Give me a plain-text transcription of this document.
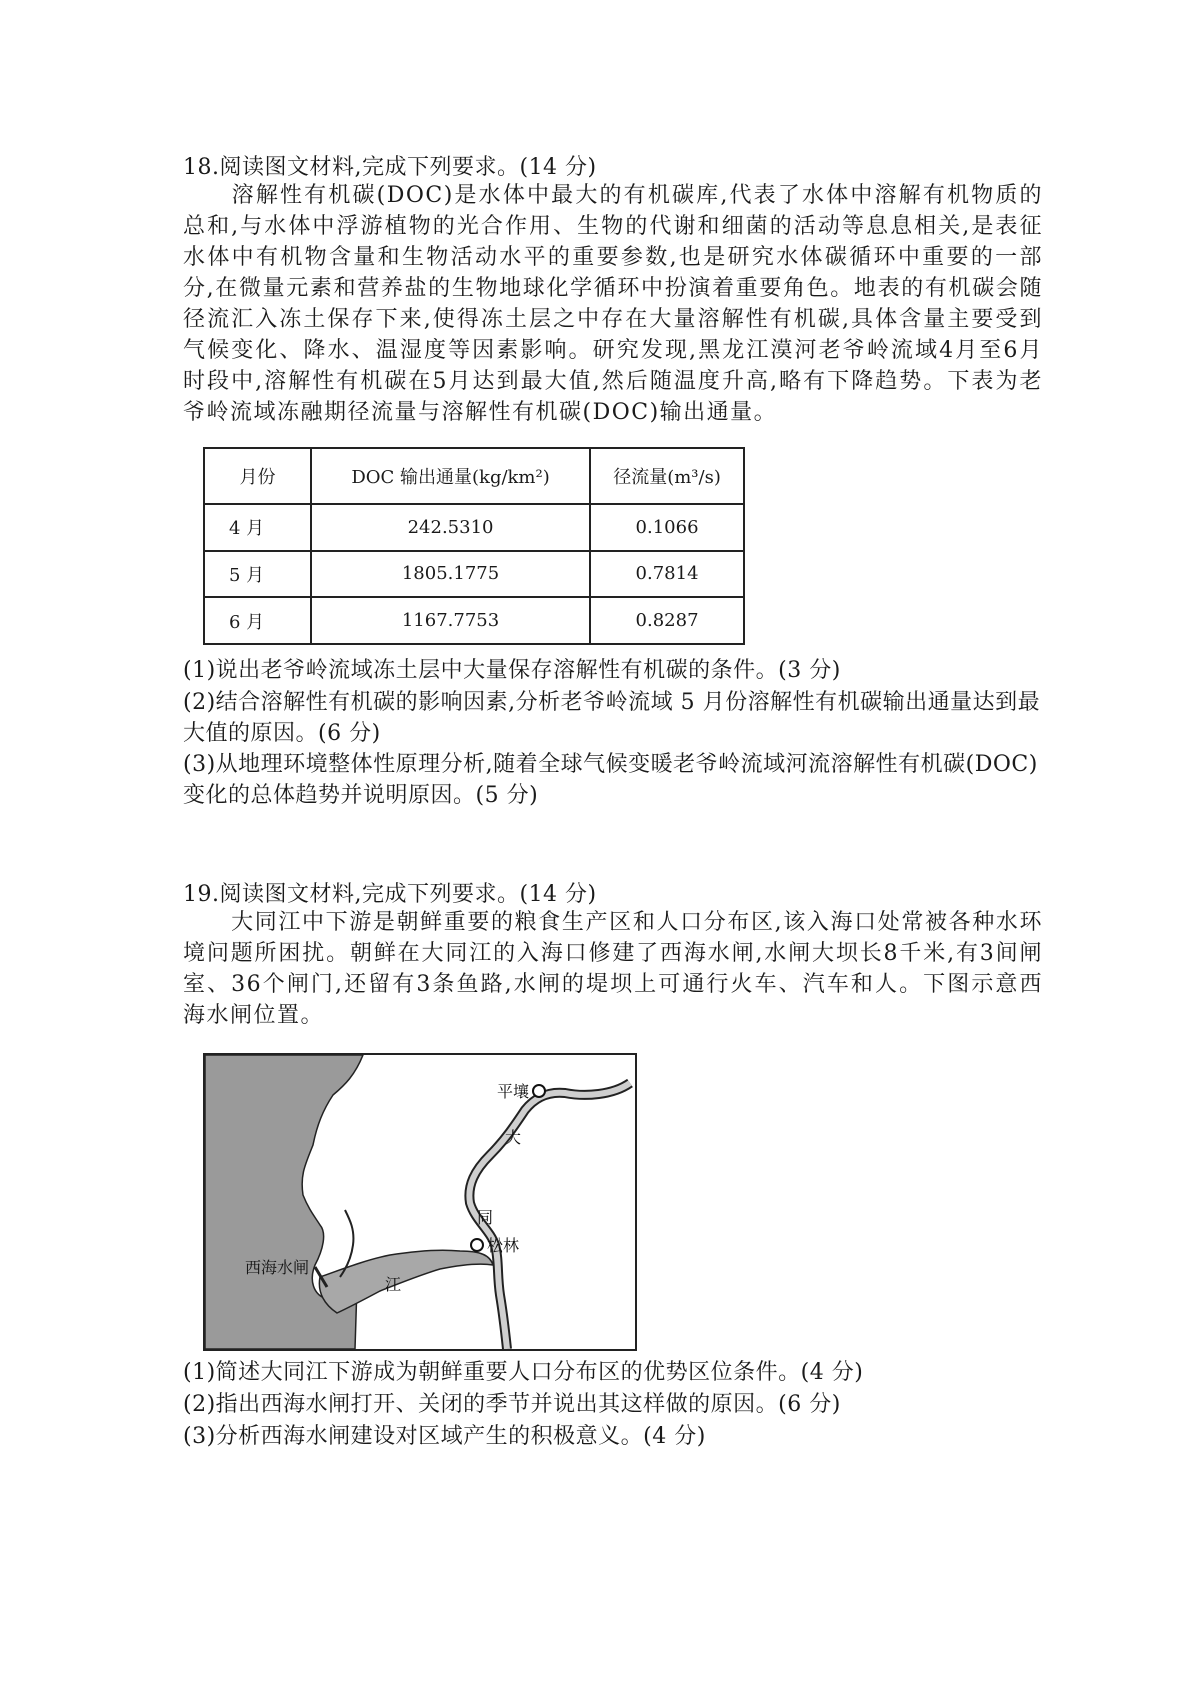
18.阅读图文材料,完成下列要求。(14 分)
溶解性有机碳(DOC)是水体中最大的有机碳库,代表了水体中溶解有机物质的总和,与水体中浮游植物的光合作用、生物的代谢和细菌的活动等息息相关,是表征水体中有机物含量和生物活动水平的重要参数,也是研究水体碳循环中重要的一部分,在微量元素和营养盐的生物地球化学循环中扮演着重要角色。地表的有机碳会随径流汇入冻土保存下来,使得冻土层之中存在大量溶解性有机碳,具体含量主要受到气候变化、降水、温湿度等因素影响。研究发现,黑龙江漠河老爷岭流域4月至6月时段中,溶解性有机碳在5月达到最大值,然后随温度升高,略有下降趋势。下表为老爷岭流域冻融期径流量与溶解性有机碳(DOC)输出通量。
月份	DOC 输出通量(kg/km²)	径流量(m³/s)
4 月	242.5310	0.1066
5 月	1805.1775	0.7814
6 月	1167.7753	0.8287
(1)说出老爷岭流域冻土层中大量保存溶解性有机碳的条件。(3 分)
(2)结合溶解性有机碳的影响因素,分析老爷岭流域 5 月份溶解性有机碳输出通量达到最大值的原因。(6 分)
(3)从地理环境整体性原理分析,随着全球气候变暖老爷岭流域河流溶解性有机碳(DOC)变化的总体趋势并说明原因。(5 分)
19.阅读图文材料,完成下列要求。(14 分)
大同江中下游是朝鲜重要的粮食生产区和人口分布区,该入海口处常被各种水环境问题所困扰。朝鲜在大同江的入海口修建了西海水闸,水闸大坝长8千米,有3间闸室、36个闸门,还留有3条鱼路,水闸的堤坝上可通行火车、汽车和人。下图示意西海水闸位置。
平壤
大
同
江
松林
西海水闸
(1)简述大同江下游成为朝鲜重要人口分布区的优势区位条件。(4 分)
(2)指出西海水闸打开、关闭的季节并说出其这样做的原因。(6 分)
(3)分析西海水闸建设对区域产生的积极意义。(4 分)
